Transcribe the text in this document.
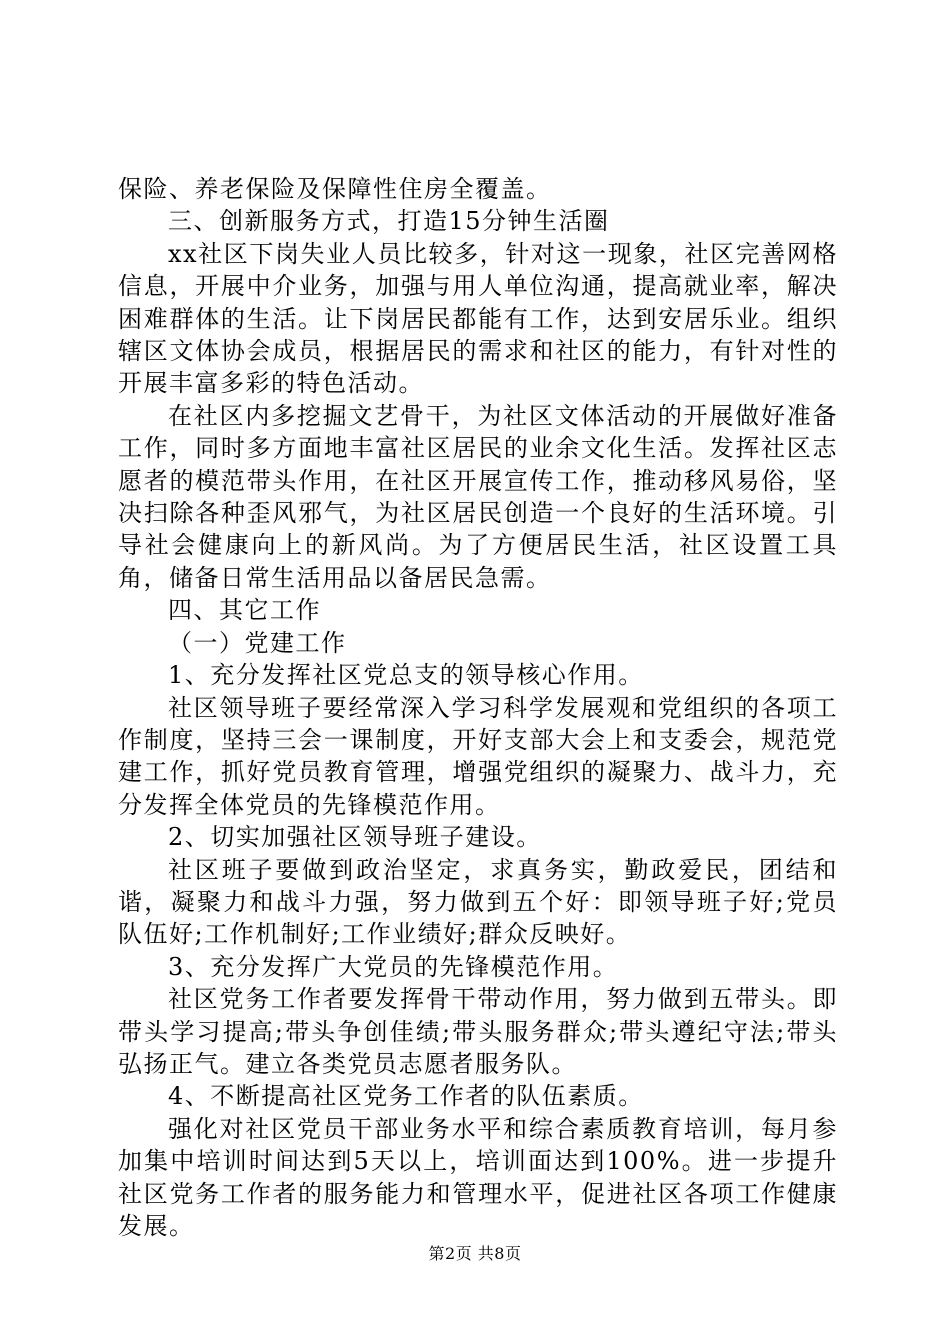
保险、养老保险及保障性住房全覆盖。

三、创新服务方式，打造15分钟生活圈

xx社区下岗失业人员比较多，针对这一现象，社区完善网格信息，开展中介业务，加强与用人单位沟通，提高就业率，解决困难群体的生活。让下岗居民都能有工作，达到安居乐业。组织辖区文体协会成员，根据居民的需求和社区的能力，有针对性的开展丰富多彩的特色活动。

在社区内多挖掘文艺骨干，为社区文体活动的开展做好准备工作，同时多方面地丰富社区居民的业余文化生活。发挥社区志愿者的模范带头作用，在社区开展宣传工作，推动移风易俗，坚决扫除各种歪风邪气，为社区居民创造一个良好的生活环境。引导社会健康向上的新风尚。为了方便居民生活，社区设置工具角，储备日常生活用品以备居民急需。

四、其它工作

（一）党建工作

1、充分发挥社区党总支的领导核心作用。

社区领导班子要经常深入学习科学发展观和党组织的各项工作制度，坚持三会一课制度，开好支部大会上和支委会，规范党建工作，抓好党员教育管理，增强党组织的凝聚力、战斗力，充分发挥全体党员的先锋模范作用。

2、切实加强社区领导班子建设。

社区班子要做到政治坚定，求真务实，勤政爱民，团结和谐，凝聚力和战斗力强，努力做到五个好：即领导班子好;党员队伍好;工作机制好;工作业绩好;群众反映好。

3、充分发挥广大党员的先锋模范作用。

社区党务工作者要发挥骨干带动作用，努力做到五带头。即带头学习提高;带头争创佳绩;带头服务群众;带头遵纪守法;带头弘扬正气。建立各类党员志愿者服务队。

4、不断提高社区党务工作者的队伍素质。

强化对社区党员干部业务水平和综合素质教育培训，每月参加集中培训时间达到5天以上，培训面达到100%。进一步提升社区党务工作者的服务能力和管理水平，促进社区各项工作健康发展。

第2页 共8页
